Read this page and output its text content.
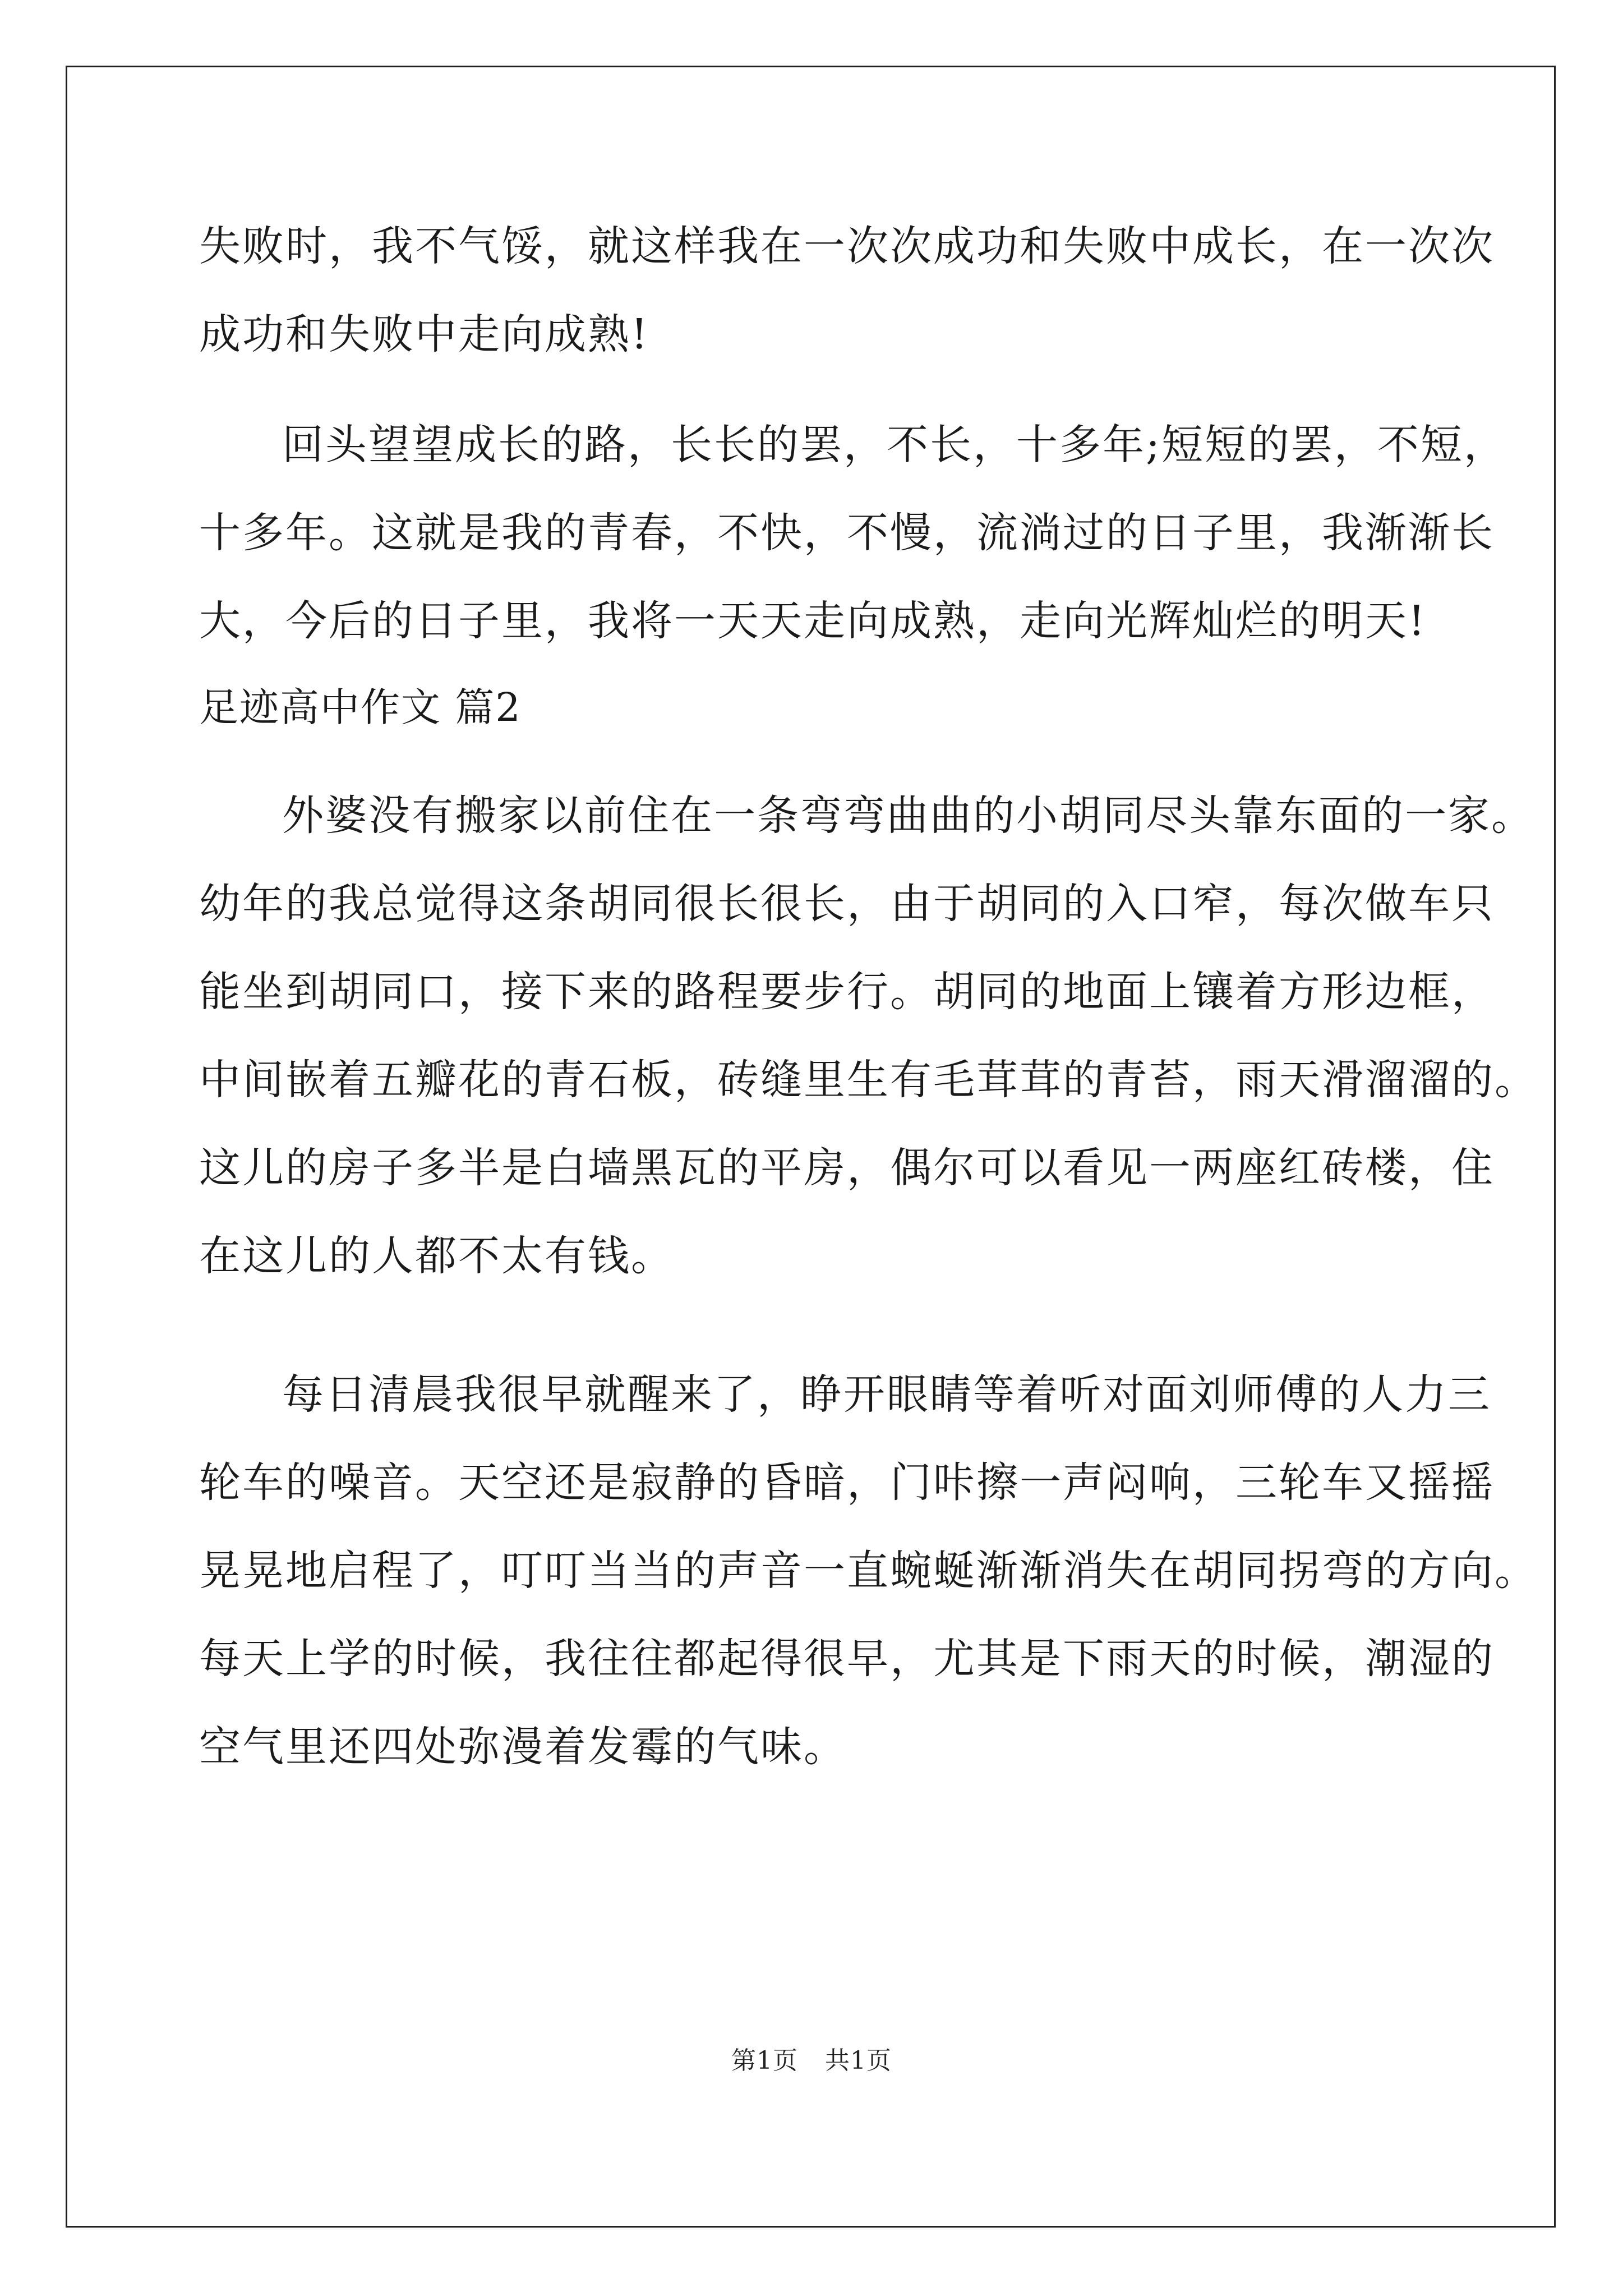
失败时，我不气馁，就这样我在一次次成功和失败中成长，在一次次
成功和失败中走向成熟!
回头望望成长的路，长长的罢，不长，十多年;短短的罢，不短，
十多年。这就是我的青春，不快，不慢，流淌过的日子里，我渐渐长
大，今后的日子里，我将一天天走向成熟，走向光辉灿烂的明天!
足迹高中作文 篇2
外婆没有搬家以前住在一条弯弯曲曲的小胡同尽头靠东面的一家。
幼年的我总觉得这条胡同很长很长，由于胡同的入口窄，每次做车只
能坐到胡同口，接下来的路程要步行。胡同的地面上镶着方形边框，
中间嵌着五瓣花的青石板，砖缝里生有毛茸茸的青苔，雨天滑溜溜的。
这儿的房子多半是白墙黑瓦的平房，偶尔可以看见一两座红砖楼，住
在这儿的人都不太有钱。
每日清晨我很早就醒来了，睁开眼睛等着听对面刘师傅的人力三
轮车的噪音。天空还是寂静的昏暗，门咔擦一声闷响，三轮车又摇摇
晃晃地启程了，叮叮当当的声音一直蜿蜒渐渐消失在胡同拐弯的方向。
每天上学的时候，我往往都起得很早，尤其是下雨天的时候，潮湿的
空气里还四处弥漫着发霉的气味。
第1页 共1页
